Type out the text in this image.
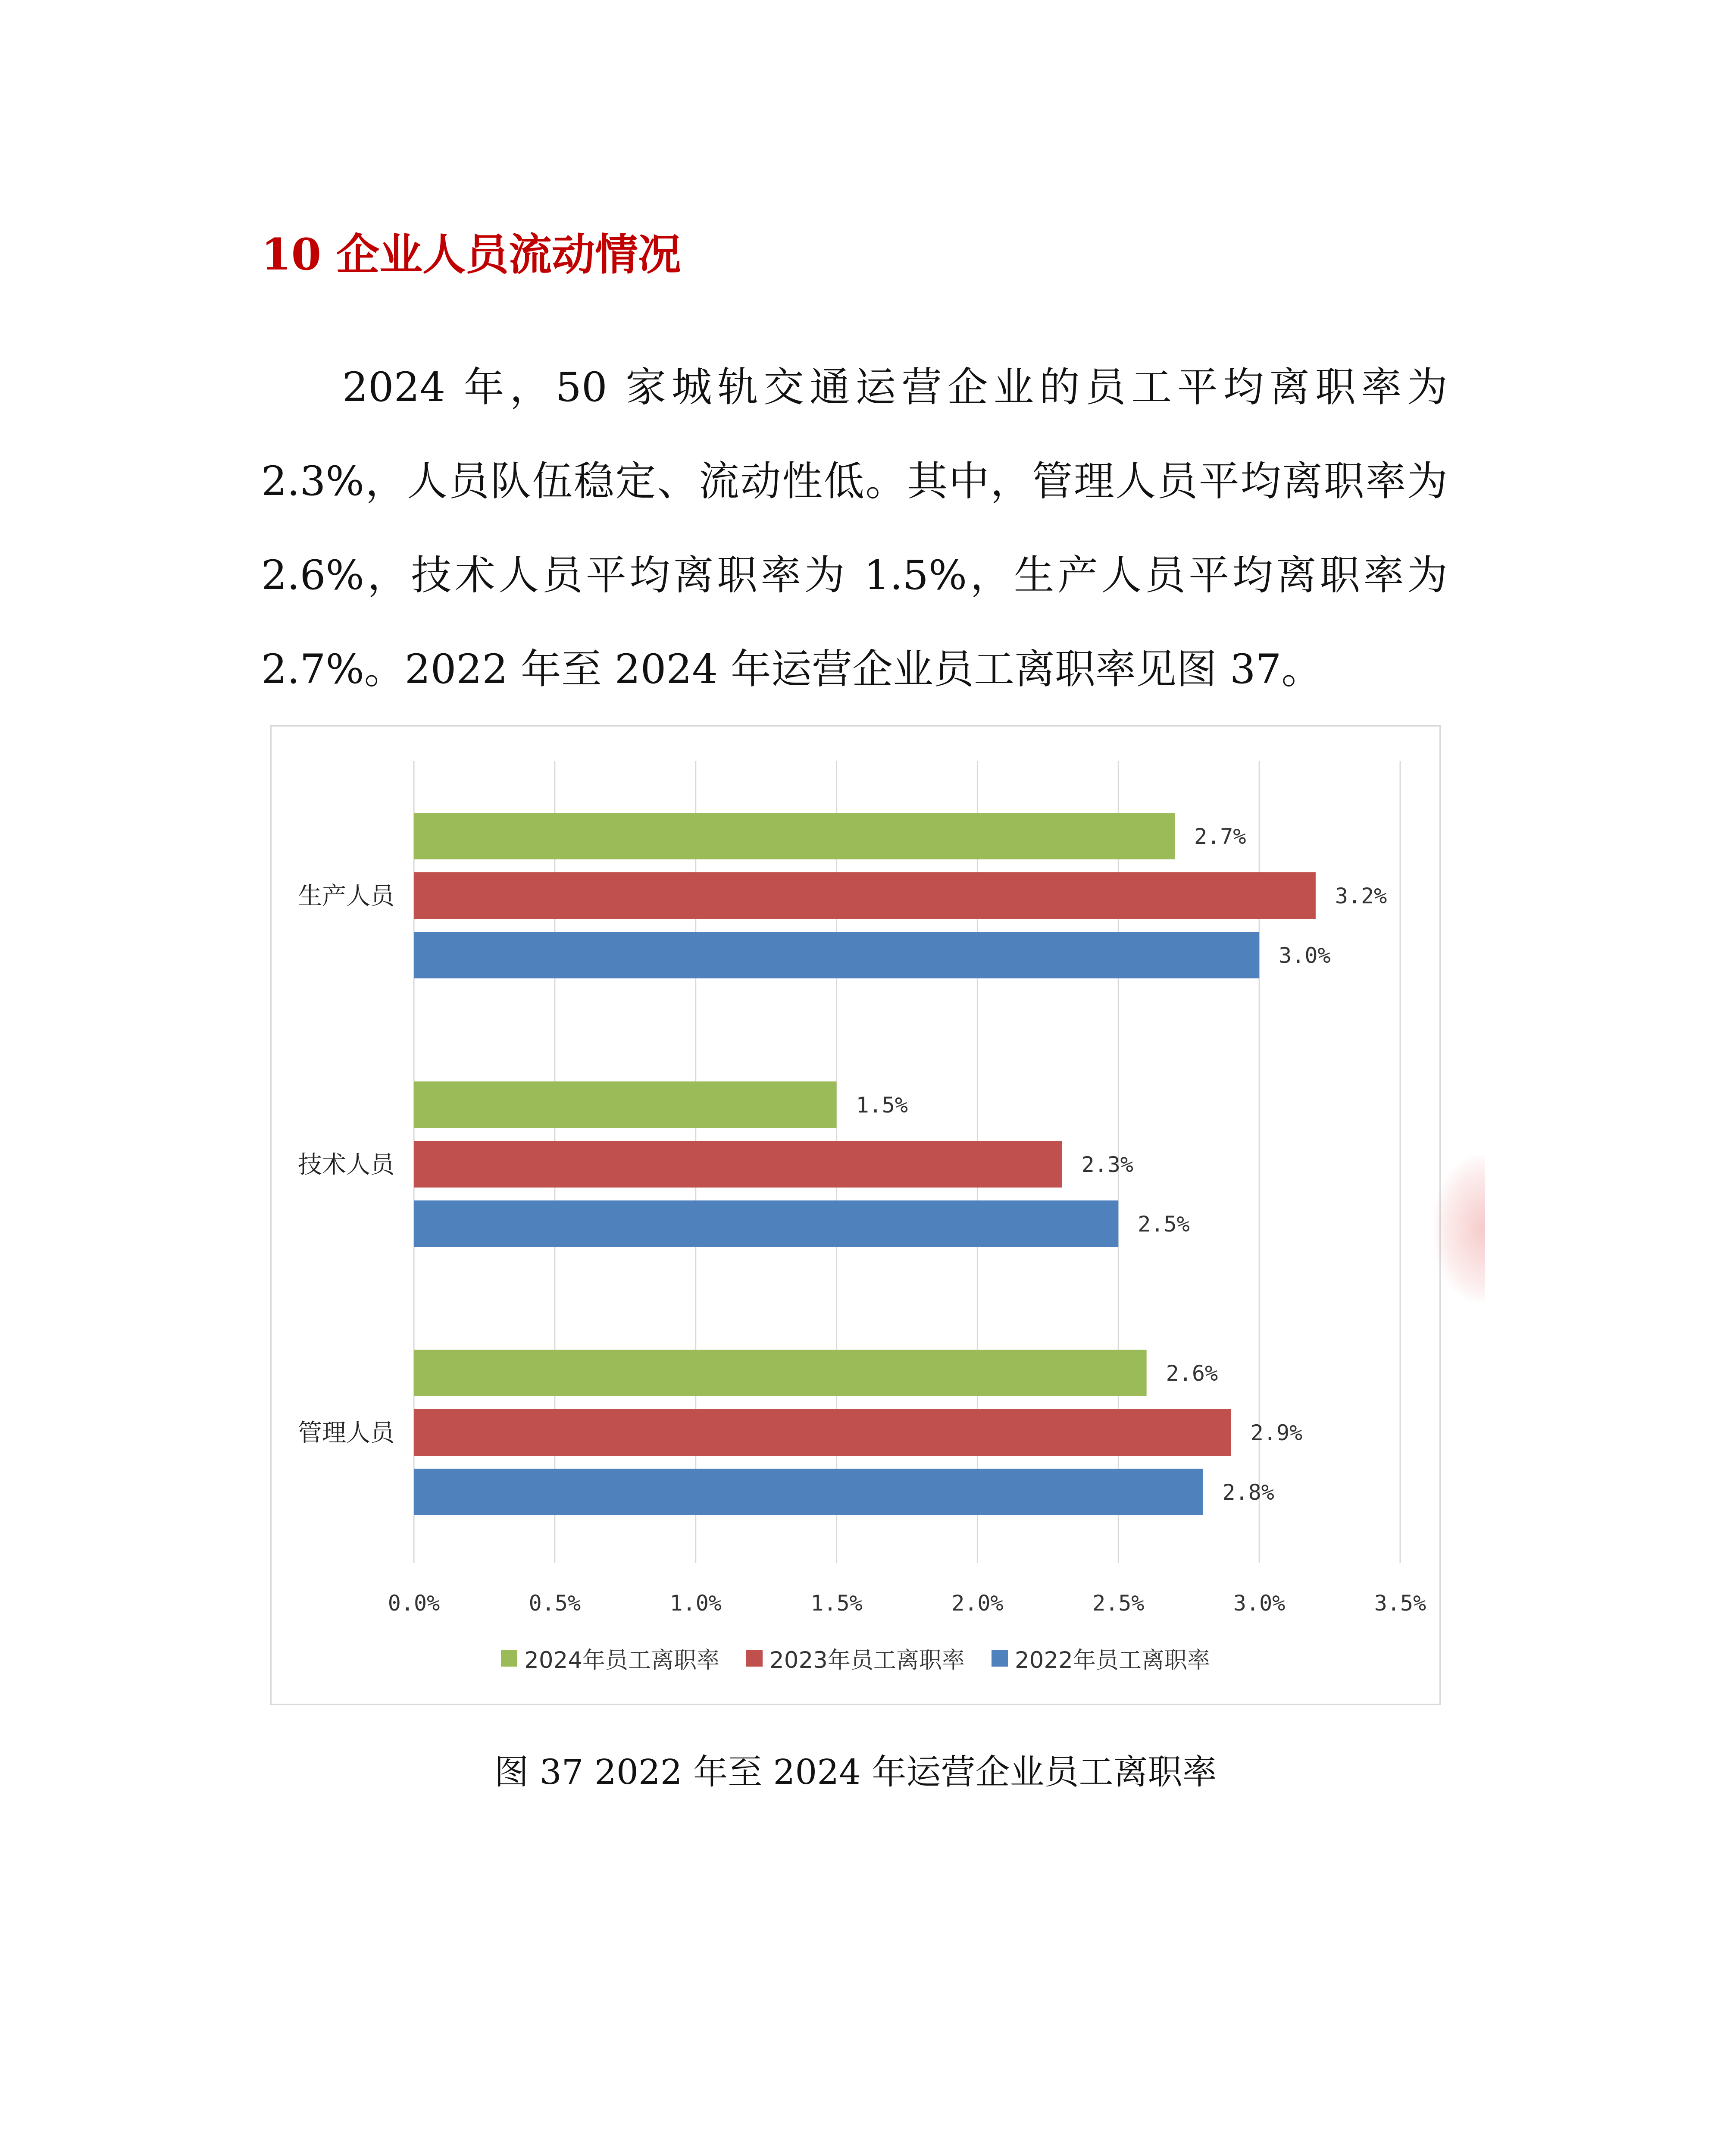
10 企业人员流动情况

2024 年，50 家城轨交通运营企业的员工平均离职率为 2.3%，人员队伍稳定、流动性低。其中，管理人员平均离职率为 2.6%，技术人员平均离职率为 1.5%，生产人员平均离职率为 2.7%。2022 年至 2024 年运营企业员工离职率见图 37。

0.0%	0.5%	1.0%	1.5%	2.0%	2.5%	3.0%	3.5%
2.7%
3.2%
3.0%
生产人员
1.5%
2.3%
2.5%
技术人员
2.6%
2.9%
2.8%
管理人员
2024年员工离职率 2023年员工离职率 2022年员工离职率

图 37 2022 年至 2024 年运营企业员工离职率
